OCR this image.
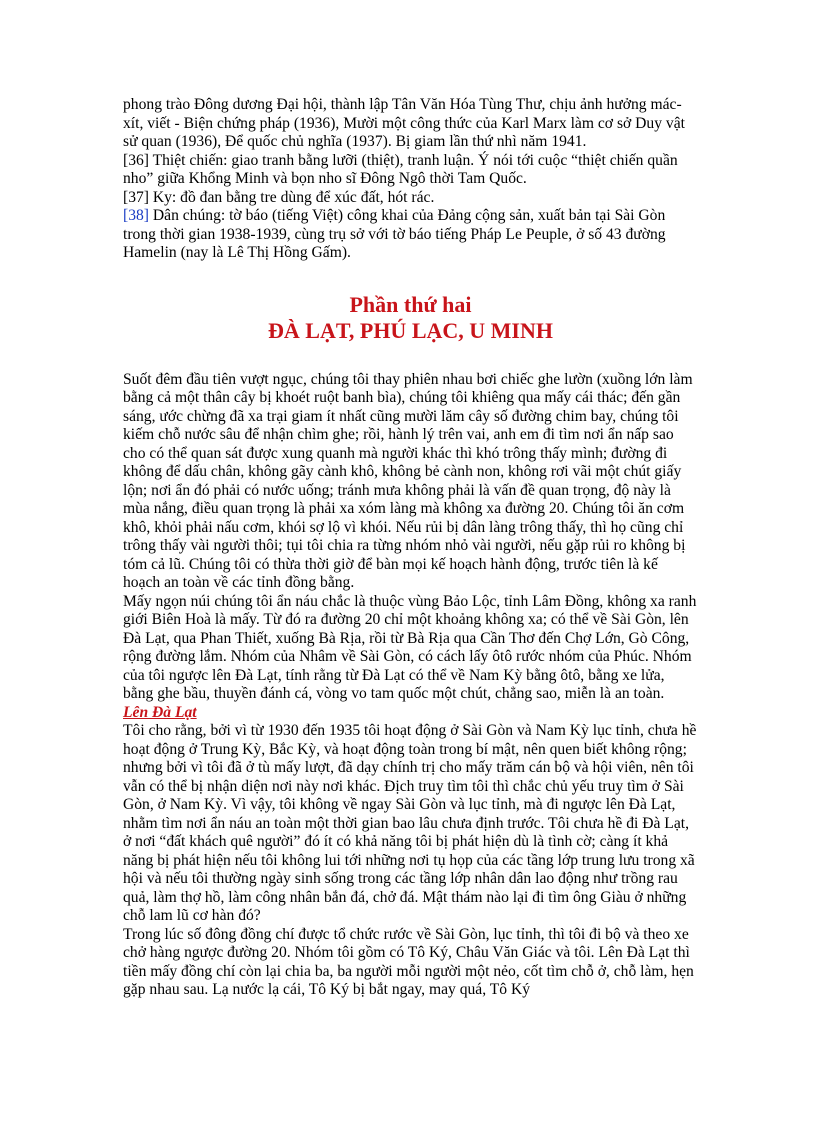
phong trào Đông dương Đại hội, thành lập Tân Văn Hóa Tùng Thư, chịu ảnh hưởng mác-xít, viết - Biện chứng pháp (1936), Mười một công thức của Karl Marx làm cơ sở Duy vật sử quan (1936), Để quốc chủ nghĩa (1937). Bị giam lần thứ nhì năm 1941.

[36] Thiệt chiến: giao tranh bằng lưỡi (thiệt), tranh luận. Ý nói tới cuộc “thiệt chiến quần nho” giữa Khổng Minh và bọn nho sĩ Đông Ngô thời Tam Quốc.

[37] Ky: đồ đan bằng tre dùng để xúc đất, hót rác.

[38] Dân chúng: tờ báo (tiếng Việt) công khai của Đảng cộng sản, xuất bản tại Sài Gòn trong thời gian 1938-1939, cùng trụ sở với tờ báo tiếng Pháp Le Peuple, ở số 43 đường Hamelin (nay là Lê Thị Hồng Gấm).

Phần thứ hai

ĐÀ LẠT, PHÚ LẠC, U MINH

Suốt đêm đầu tiên vượt ngục, chúng tôi thay phiên nhau bơi chiếc ghe lườn (xuồng lớn làm bằng cả một thân cây bị khoét ruột banh bìa), chúng tôi khiêng qua mấy cái thác; đến gần sáng, ước chừng đã xa trại giam ít nhất cũng mười lăm cây số đường chim bay, chúng tôi kiếm chỗ nước sâu để nhận chìm ghe; rồi, hành lý trên vai, anh em đi tìm nơi ẩn nấp sao cho có thể quan sát được xung quanh mà người khác thì khó trông thấy mình; đường đi không để dấu chân, không gãy cành khô, không bẻ cành non, không rơi vãi một chút giấy lộn; nơi ẩn đó phải có nước uống; tránh mưa không phải là vấn đề quan trọng, độ này là mùa nắng, điều quan trọng là phải xa xóm làng mà không xa đường 20. Chúng tôi ăn cơm khô, khỏi phải nấu cơm, khói sợ lộ vì khói. Nếu rủi bị dân làng trông thấy, thì họ cũng chỉ trông thấy vài người thôi; tụi tôi chia ra từng nhóm nhỏ vài người, nếu gặp rủi ro không bị tóm cả lũ. Chúng tôi có thừa thời giờ để bàn mọi kế hoạch hành động, trước tiên là kế hoạch an toàn về các tỉnh đồng bằng.

Mấy ngọn núi chúng tôi ẩn náu chắc là thuộc vùng Bảo Lộc, tỉnh Lâm Đồng, không xa ranh giới Biên Hoà là mấy. Từ đó ra đường 20 chỉ một khoảng không xa; có thể về Sài Gòn, lên Đà Lạt, qua Phan Thiết, xuống Bà Rịa, rồi từ Bà Rịa qua Cần Thơ đến Chợ Lớn, Gò Công, rộng đường lắm. Nhóm của Nhâm về Sài Gòn, có cách lấy ôtô rước nhóm của Phúc. Nhóm của tôi ngược lên Đà Lạt, tính rằng từ Đà Lạt có thể về Nam Kỳ bằng ôtô, bằng xe lửa, bằng ghe bầu, thuyền đánh cá, vòng vo tam quốc một chút, chẳng sao, miễn là an toàn.

Lên Đà Lạt

Tôi cho rằng, bởi vì từ 1930 đến 1935 tôi hoạt động ở Sài Gòn và Nam Kỳ lục tỉnh, chưa hề hoạt động ở Trung Kỳ, Bắc Kỳ, và hoạt động toàn trong bí mật, nên quen biết không rộng; nhưng bởi vì tôi đã ở tù mấy lượt, đã dạy chính trị cho mấy trăm cán bộ và hội viên, nên tôi vẫn có thể bị nhận diện nơi này nơi khác. Địch truy tìm tôi thì chắc chủ yếu truy tìm ở Sài Gòn, ở Nam Kỳ. Vì vậy, tôi không về ngay Sài Gòn và lục tỉnh, mà đi ngược lên Đà Lạt, nhằm tìm nơi ẩn náu an toàn một thời gian bao lâu chưa định trước. Tôi chưa hề đi Đà Lạt, ở nơi “đất khách quê người” đó ít có khả năng tôi bị phát hiện dù là tình cờ; càng ít khả năng bị phát hiện nếu tôi không lui tới những nơi tụ họp của các tầng lớp trung lưu trong xã hội và nếu tôi thường ngày sinh sống trong các tầng lớp nhân dân lao động như trồng rau quả, làm thợ hồ, làm công nhân bắn đá, chở đá. Mật thám nào lại đi tìm ông Giàu ở những chỗ lam lũ cơ hàn đó?

Trong lúc số đông đồng chí được tổ chức rước về Sài Gòn, lục tỉnh, thì tôi đi bộ và theo xe chở hàng ngược đường 20. Nhóm tôi gồm có Tô Ký, Châu Văn Giác và tôi. Lên Đà Lạt thì tiền mấy đồng chí còn lại chia ba, ba người mỗi người một nẻo, cốt tìm chỗ ở, chỗ làm, hẹn gặp nhau sau. Lạ nước lạ cái, Tô Ký bị bắt ngay, may quá, Tô Ký
